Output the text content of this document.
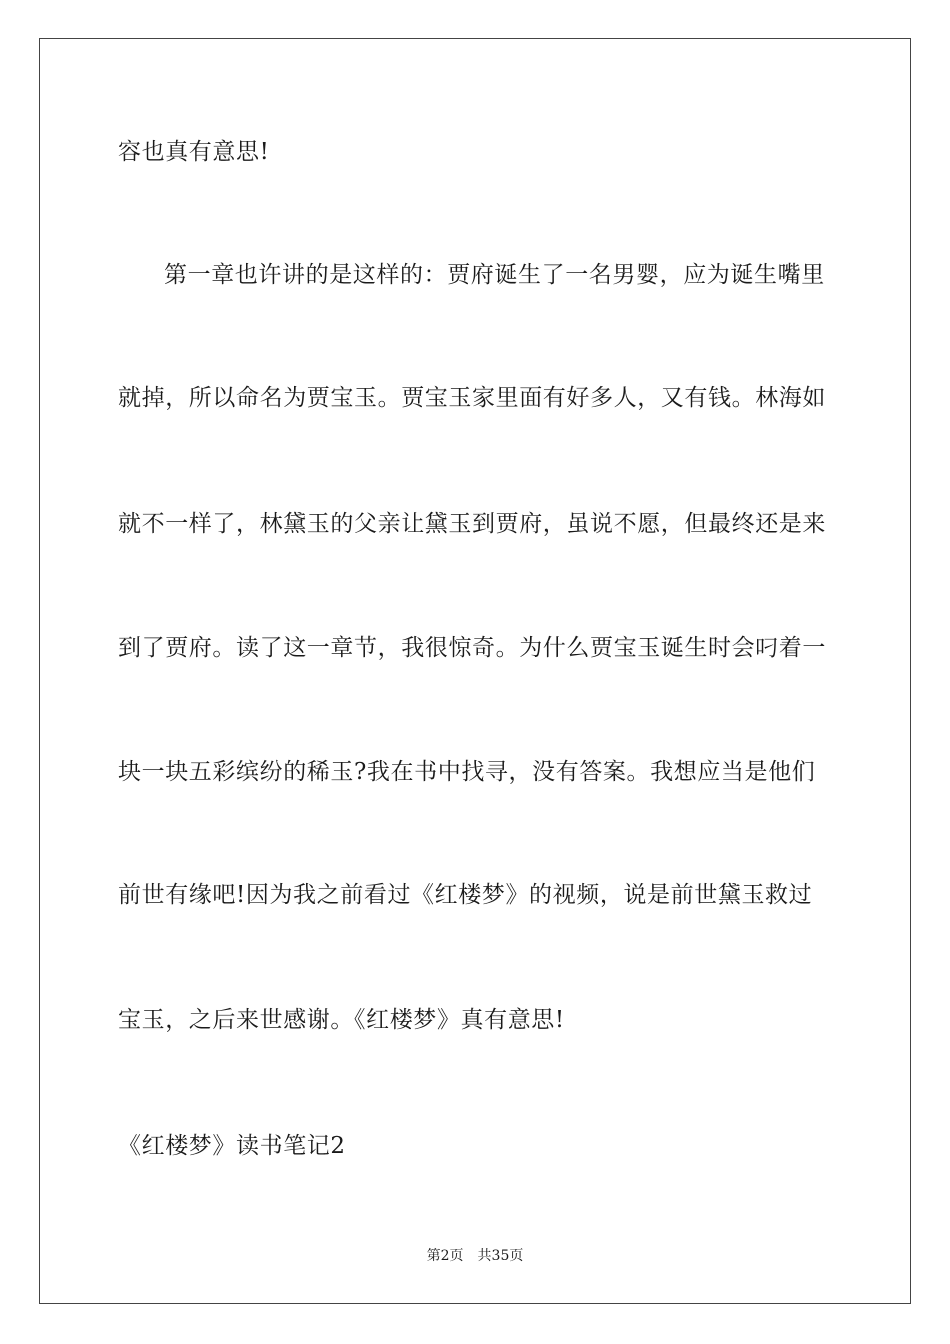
容也真有意思!
第一章也许讲的是这样的：贾府诞生了一名男婴，应为诞生嘴里
就掉，所以命名为贾宝玉。贾宝玉家里面有好多人，又有钱。林海如
就不一样了，林黛玉的父亲让黛玉到贾府，虽说不愿，但最终还是来
到了贾府。读了这一章节，我很惊奇。为什么贾宝玉诞生时会叼着一
块一块五彩缤纷的稀玉?我在书中找寻，没有答案。我想应当是他们
前世有缘吧!因为我之前看过《红楼梦》的视频，说是前世黛玉救过
宝玉，之后来世感谢。《红楼梦》真有意思!
《红楼梦》读书笔记2
第2页 共35页
